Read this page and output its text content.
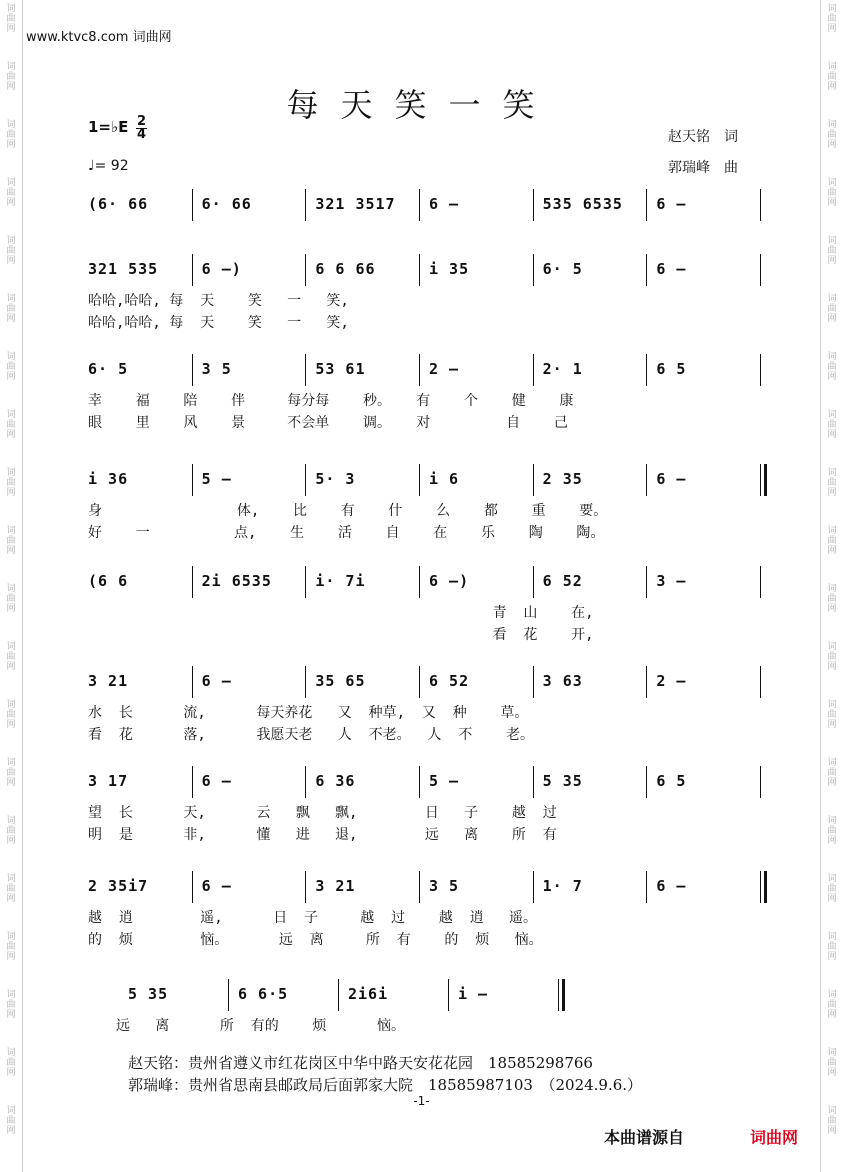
www.ktvc8.com 词曲网
每天笑一笑
1=♭E 2
4
♩= 92
赵天铭　词
郭瑞峰　曲
(6· 66	6· 66	321 3517 6 –	535 6535 6 –
321 535	6 –)	6 6 66	i 35	6· 5	6 –
哈哈,哈哈, 每  天    笑   一   笑,
哈哈,哈哈, 每  天    笑   一   笑,
6· 5	3 5	53 61	2 –	2· 1	6 5
幸    福    陪    伴     每分每    秒。   有    个    健    康
眼    里    风    景     不会单    调。   对         自    己
i 36	5 –	5· 3	i 6	2 35	6 –
身                体,    比    有    什    么    都    重    要。
好    一          点,    生    活    自    在    乐    陶    陶。
(6 6	2i 6535	i· 7i	6 –)	6 52	3 –
青  山    在,
看  花    开,
3 21	6 –	35 65	6 52	3 63	2 –
水  长      流,      每天养花   又  种草,  又  种    草。
看  花      落,      我愿天老   人  不老。  人  不    老。
3 17	6 –	6 36	5 –	5 35	6 5
望  长      天,      云   飘   飘,        日   子    越  过
明  是      非,      懂   进   退,        远   离    所  有
2 35i7	6 –	3 21	3 5	1· 7	6 –
越  逍        遥,      日  子     越  过    越  逍   遥。
的  烦        恼。      远  离     所  有    的  烦   恼。
5 35	6 6·5	2i6i	i –
远   离      所  有的    烦      恼。
赵天铭：贵州省遵义市红花岗区中华中路天安花花园　18585298766
郭瑞峰：贵州省思南县邮政局后面郭家大院　18585987103　（2024.9.6.）
-1-
本曲谱源自	词曲网
词曲网
词曲网
词曲网
词曲网
词曲网
词曲网
词曲网
词曲网
词曲网
词曲网
词曲网
词曲网
词曲网
词曲网
词曲网
词曲网
词曲网
词曲网
词曲网
词曲网
词曲网
词曲网
词曲网
词曲网
词曲网
词曲网
词曲网
词曲网
词曲网
词曲网
词曲网
词曲网
词曲网
词曲网
词曲网
词曲网
词曲网
词曲网
词曲网
词曲网
